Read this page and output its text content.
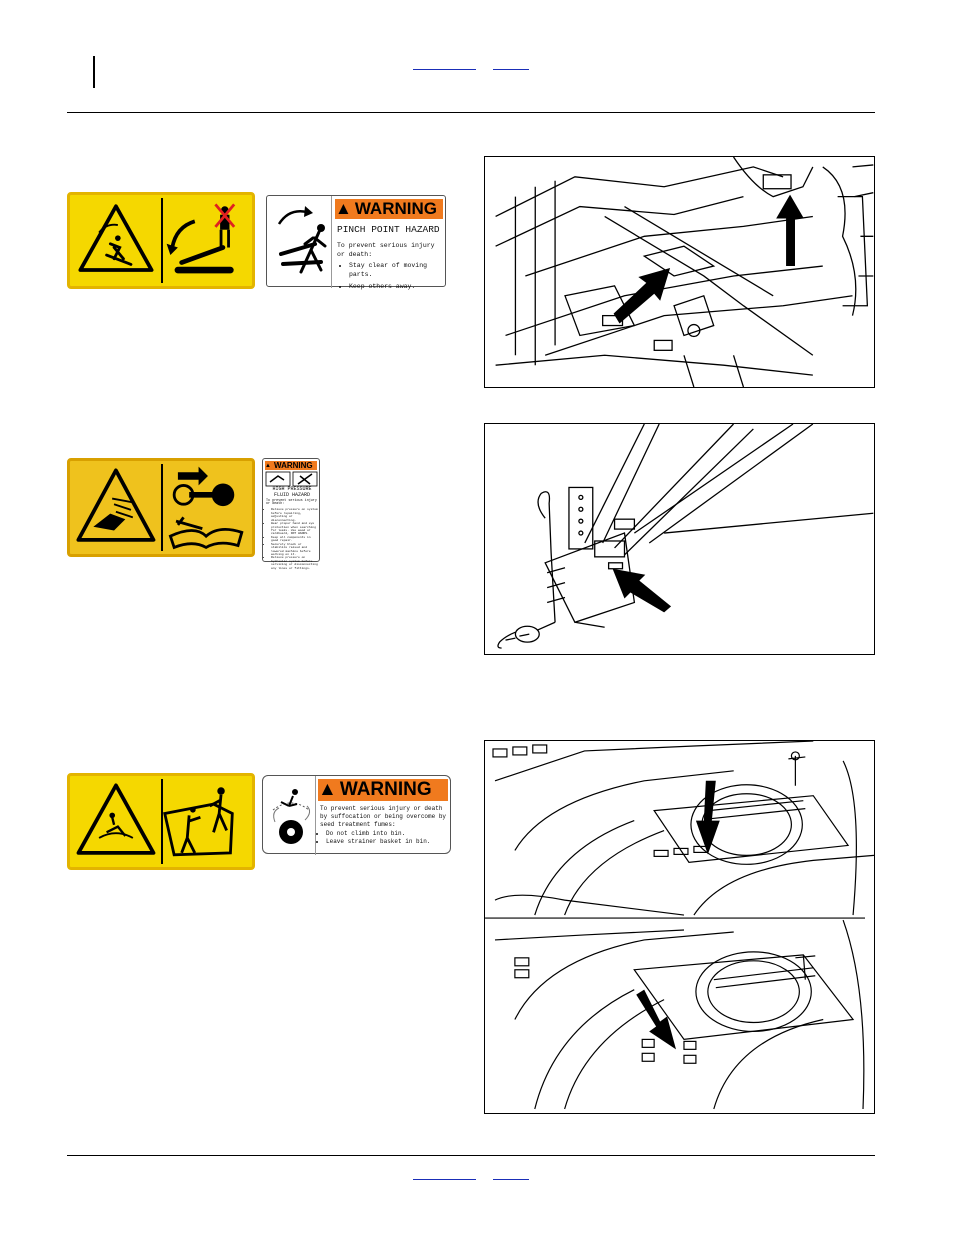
▲ WARNING
PINCH POINT HAZARD
To prevent serious injury or death:
• Stay clear of moving parts.
• Keep others away.
▲ WARNING
HIGH PRESSURE FLUID HAZARD
To prevent serious injury or death:
• Relieve pressure on system before repairing, adjusting or disconnecting.
• Wear proper hand and eye protection when searching for leaks. Use wood or cardboard, NOT HANDS.
• Keep all components in good repair.
• Securely block or stabilize raised and lowered machine before working on it.
• Relieve pressure on hydraulic system before servicing or disconnecting any lines or fittings.
▲ WARNING
To prevent serious injury or death by suffocation or being overcome by seed treatment fumes:
• Do not climb into bin.
• Leave strainer basket in bin.
